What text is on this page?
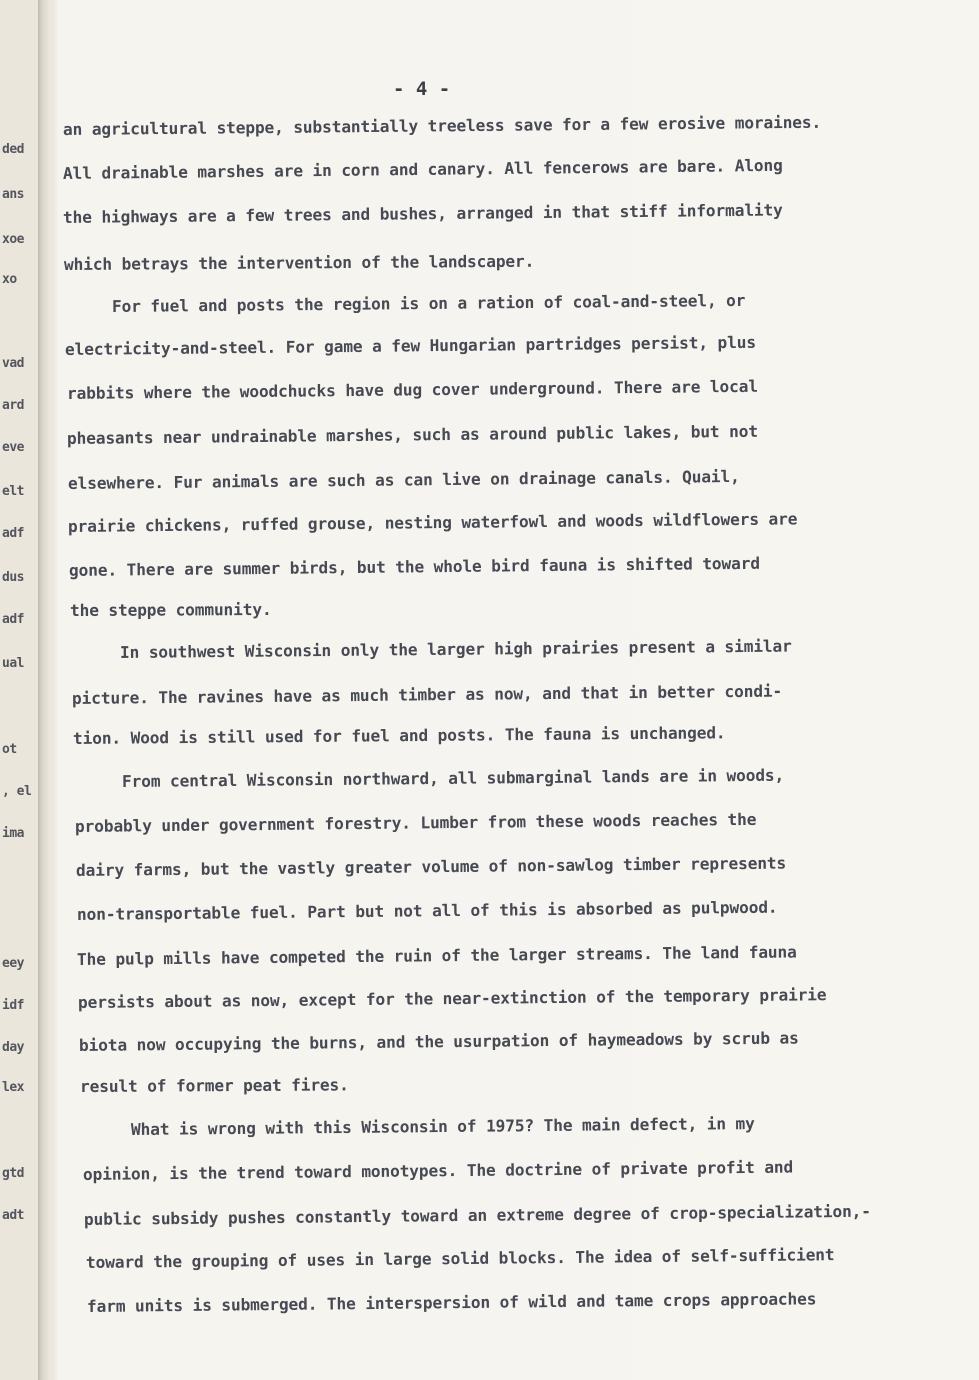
ded
ans
xoe
xo
vad
ard
eve
elt
adf
dus
adf
ual
ot
, el
ima
eey
idf
day
lex
gtd
adt
- 4 -
an agricultural steppe, substantially treeless save for a few erosive moraines.
All drainable marshes are in corn and canary. All fencerows are bare. Along
the highways are a few trees and bushes, arranged in that stiff informality
which betrays the intervention of the landscaper.
For fuel and posts the region is on a ration of coal-and-steel, or
electricity-and-steel. For game a few Hungarian partridges persist, plus
rabbits where the woodchucks have dug cover underground. There are local
pheasants near undrainable marshes, such as around public lakes, but not
elsewhere. Fur animals are such as can live on drainage canals. Quail,
prairie chickens, ruffed grouse, nesting waterfowl and woods wildflowers are
gone. There are summer birds, but the whole bird fauna is shifted toward
the steppe community.
In southwest Wisconsin only the larger high prairies present a similar
picture. The ravines have as much timber as now, and that in better condi-
tion. Wood is still used for fuel and posts. The fauna is unchanged.
From central Wisconsin northward, all submarginal lands are in woods,
probably under government forestry. Lumber from these woods reaches the
dairy farms, but the vastly greater volume of non-sawlog timber represents
non-transportable fuel. Part but not all of this is absorbed as pulpwood.
The pulp mills have competed the ruin of the larger streams. The land fauna
persists about as now, except for the near-extinction of the temporary prairie
biota now occupying the burns, and the usurpation of haymeadows by scrub as
result of former peat fires.
What is wrong with this Wisconsin of 1975? The main defect, in my
opinion, is the trend toward monotypes. The doctrine of private profit and
public subsidy pushes constantly toward an extreme degree of crop-specialization,-
toward the grouping of uses in large solid blocks. The idea of self-sufficient
farm units is submerged. The interspersion of wild and tame crops approaches
